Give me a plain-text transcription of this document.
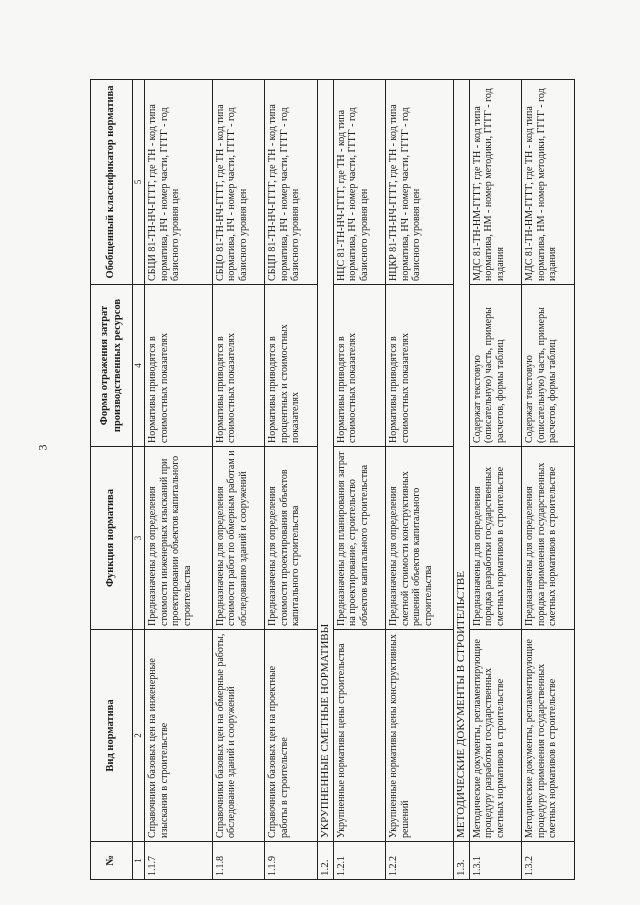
3
№	Вид норматива	Функция норматива	Форма отражения затрат производственных ресурсов	Обобщенный классификатор норматива
1	2	3	4	5
1.1.7	Справочники базовых цен на инженерные изыскания в строительстве	Предназначены для определения стоимости инженерных изысканий при проектировании объектов капитального строительства	Нормативы приводятся в стоимостных показателях	СБЦИ 81-ТН-НЧ-ГГГГ, где ТН - код типа норматива, НЧ - номер части, ГГГГ - год базисного уровня цен
1.1.8	Справочники базовых цен на обмерные работы, обследование зданий и сооружений	Предназначены для определения стоимости работ по обмерным работам и обследованию зданий и сооружений	Нормативы приводятся в стоимостных показателях	СБЦО 81-ТН-НЧ-ГГГГ, где ТН - код типа норматива, НЧ - номер части, ГГГГ - год базисного уровня цен
1.1.9	Справочники базовых цен на проектные работы в строительстве	Предназначены для определения стоимости проектирования объектов капитального строительства	Нормативы приводятся в процентных и стоимостных показателях	СБЦП 81-ТН-НЧ-ГГГГ, где ТН - код типа норматива, НЧ - номер части, ГГГГ - год базисного уровня цен
1.2.	УКРУПНЕННЫЕ СМЕТНЫЕ НОРМАТИВЫ			
1.2.1	Укрупненные нормативы цены строительства	Предназначены для планирования затрат на проектирование, строительство объектов капитального строительства	Нормативы приводятся в стоимостных показателях	НЦС 81-ТН-НЧ-ГГГГ, где ТН - код типа норматива, НЧ - номер части, ГГГГ - год базисного уровня цен
1.2.2	Укрупненные нормативы цены конструктивных решений	Предназначены для определения сметной стоимости конструктивных решений объектов капитального строительства	Нормативы приводятся в стоимостных показателях	НЦКР 81-ТН-НЧ-ГГГГ, где ТН - код типа норматива, НЧ - номер части, ГГГГ - год базисного уровня цен
1.3.	МЕТОДИЧЕСКИЕ ДОКУМЕНТЫ В СТРОИТЕЛЬСТВЕ			
1.3.1	Методические документы, регламентирующие процедуру разработки государственных сметных нормативов в строительстве	Предназначены для определения порядка разработки государственных сметных нормативов в строительстве	Содержат текстовую (описательную) часть, примеры расчетов, формы таблиц	МДС 81-ТН-НМ-ГГГГ, где ТН - код типа норматива, НМ - номер методики, ГГГГ - год издания
1.3.2	Методические документы, регламентирующие процедуру применения государственных сметных нормативов в строительстве	Предназначены для определения порядка применения государственных сметных нормативов в строительстве	Содержат текстовую (описательную) часть, примеры расчетов, формы таблиц	МДС 81-ТН-НМ-ГГГГ, где ТН - код типа норматива, НМ - номер методики, ГГГГ - год издания
